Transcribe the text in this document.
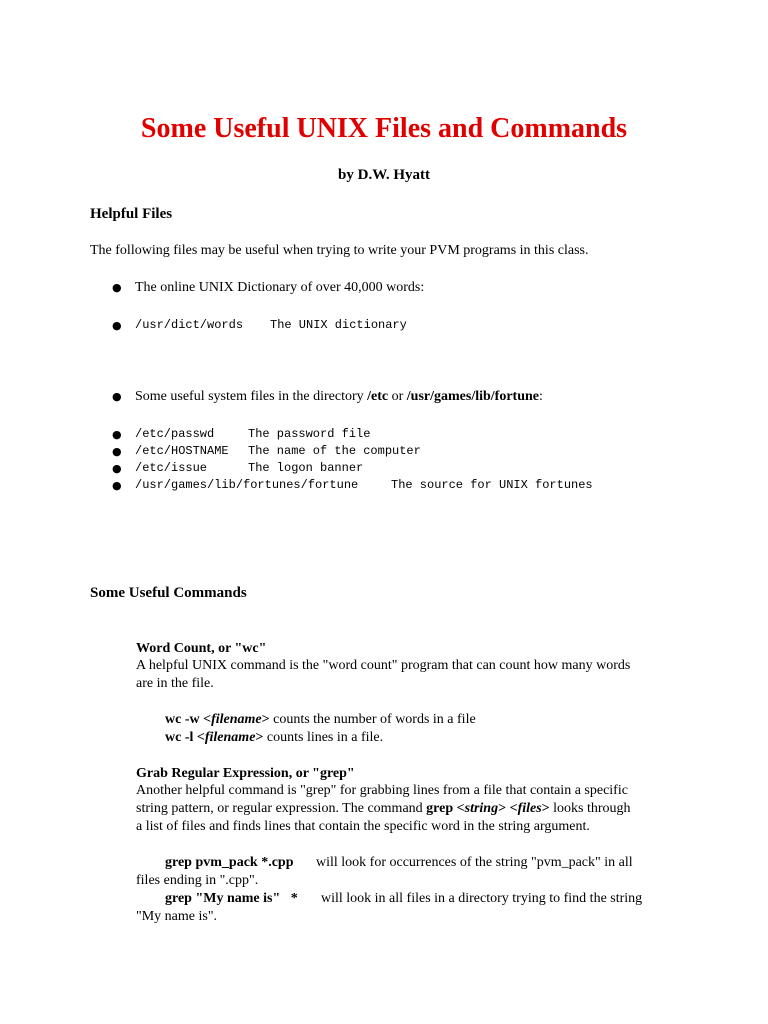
Some Useful UNIX Files and Commands
by D.W. Hyatt
Helpful Files
The following files may be useful when trying to write your PVM programs in this class.
● The online UNIX Dictionary of over 40,000 words:
● /usr/dict/words The UNIX dictionary
● Some useful system files in the directory /etc or /usr/games/lib/fortune:
● /etc/passwd	The password file
● /etc/HOSTNAME The name of the computer
● /etc/issue	The logon banner
● /usr/games/lib/fortunes/fortune	The source for UNIX fortunes
Some Useful Commands
Word Count, or "wc"
A helpful UNIX command is the "word count" program that can count how many words
are in the file.
wc -w <filename> counts the number of words in a file
wc -l <filename> counts lines in a file.
Grab Regular Expression, or "grep"
Another helpful command is "grep" for grabbing lines from a file that contain a specific
string pattern, or regular expression. The command grep <string> <files> looks through
a list of files and finds lines that contain the specific word in the string argument.
grep pvm_pack *.cpp will look for occurrences of the string "pvm_pack" in all
files ending in ".cpp".
grep "My name is"   * will look in all files in a directory trying to find the string
"My name is".
